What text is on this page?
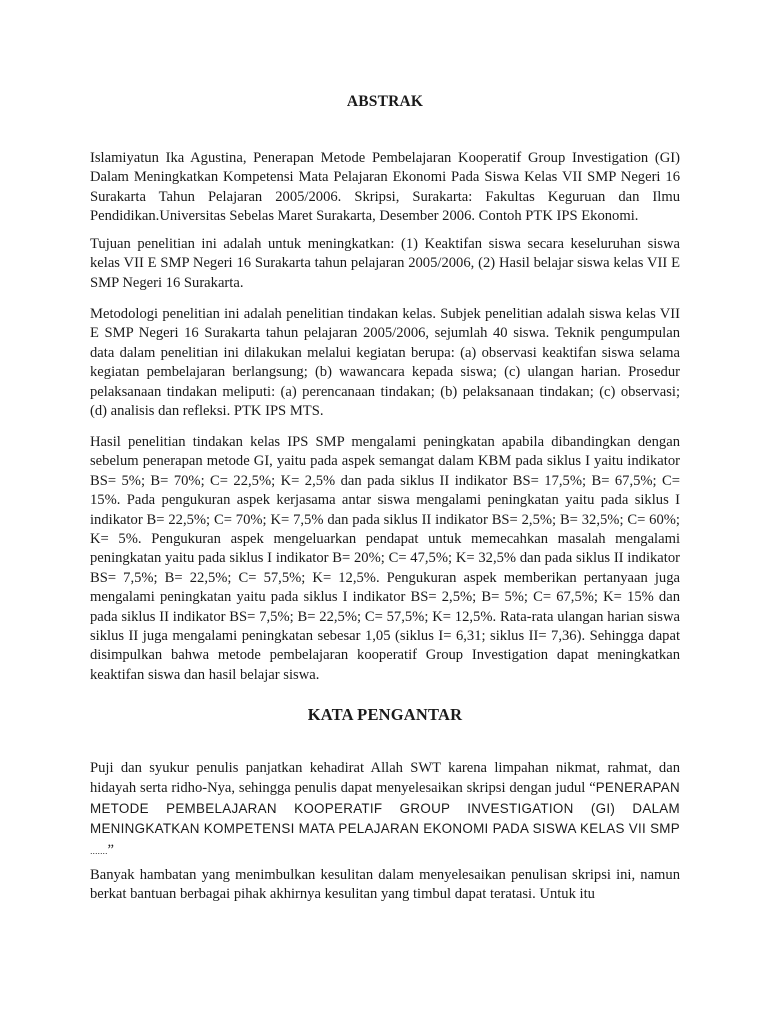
ABSTRAK

Islamiyatun Ika Agustina, Penerapan Metode Pembelajaran Kooperatif Group Investigation (GI) Dalam Meningkatkan Kompetensi Mata Pelajaran Ekonomi Pada Siswa Kelas VII SMP Negeri 16 Surakarta Tahun Pelajaran 2005/2006. Skripsi, Surakarta: Fakultas Keguruan dan Ilmu Pendidikan.Universitas Sebelas Maret Surakarta, Desember 2006. Contoh PTK IPS Ekonomi.

Tujuan penelitian ini adalah untuk meningkatkan: (1) Keaktifan siswa secara keseluruhan siswa kelas VII E SMP Negeri 16 Surakarta tahun pelajaran 2005/2006, (2) Hasil belajar siswa kelas VII E SMP Negeri 16 Surakarta.

Metodologi penelitian ini adalah penelitian tindakan kelas. Subjek penelitian adalah siswa kelas VII E SMP Negeri 16 Surakarta tahun pelajaran 2005/2006, sejumlah 40 siswa. Teknik pengumpulan data dalam penelitian ini dilakukan melalui kegiatan berupa: (a) observasi keaktifan siswa selama kegiatan pembelajaran berlangsung; (b) wawancara kepada siswa; (c) ulangan harian. Prosedur pelaksanaan tindakan meliputi: (a) perencanaan tindakan; (b) pelaksanaan tindakan; (c) observasi; (d) analisis dan refleksi. PTK IPS MTS.

Hasil penelitian tindakan kelas IPS SMP mengalami peningkatan apabila dibandingkan dengan sebelum penerapan metode GI, yaitu pada aspek semangat dalam KBM pada siklus I yaitu indikator BS= 5%; B= 70%; C= 22,5%; K= 2,5% dan pada siklus II indikator BS= 17,5%; B= 67,5%; C= 15%. Pada pengukuran aspek kerjasama antar siswa mengalami peningkatan yaitu pada siklus I indikator B= 22,5%; C= 70%; K= 7,5% dan pada siklus II indikator BS= 2,5%; B= 32,5%; C= 60%; K= 5%. Pengukuran aspek mengeluarkan pendapat untuk memecahkan masalah mengalami peningkatan yaitu pada siklus I indikator B= 20%; C= 47,5%; K= 32,5% dan pada siklus II indikator BS= 7,5%; B= 22,5%; C= 57,5%; K= 12,5%. Pengukuran aspek memberikan pertanyaan juga mengalami peningkatan yaitu pada siklus I indikator BS= 2,5%; B= 5%; C= 67,5%; K= 15% dan pada siklus II indikator BS= 7,5%; B= 22,5%; C= 57,5%; K= 12,5%. Rata-rata ulangan harian siswa siklus II juga mengalami peningkatan sebesar 1,05 (siklus I= 6,31; siklus II= 7,36). Sehingga dapat disimpulkan bahwa metode pembelajaran kooperatif Group Investigation dapat meningkatkan keaktifan siswa dan hasil belajar siswa.

KATA PENGANTAR

Puji dan syukur penulis panjatkan kehadirat Allah SWT karena limpahan nikmat, rahmat, dan hidayah serta ridho-Nya, sehingga penulis dapat menyelesaikan skripsi dengan judul “PENERAPAN METODE PEMBELAJARAN KOOPERATIF GROUP INVESTIGATION (GI) DALAM MENINGKATKAN KOMPETENSI MATA PELAJARAN EKONOMI PADA SISWA KELAS VII SMP .......”

Banyak hambatan yang menimbulkan kesulitan dalam menyelesaikan penulisan skripsi ini, namun berkat bantuan berbagai pihak akhirnya kesulitan yang timbul dapat teratasi. Untuk itu
